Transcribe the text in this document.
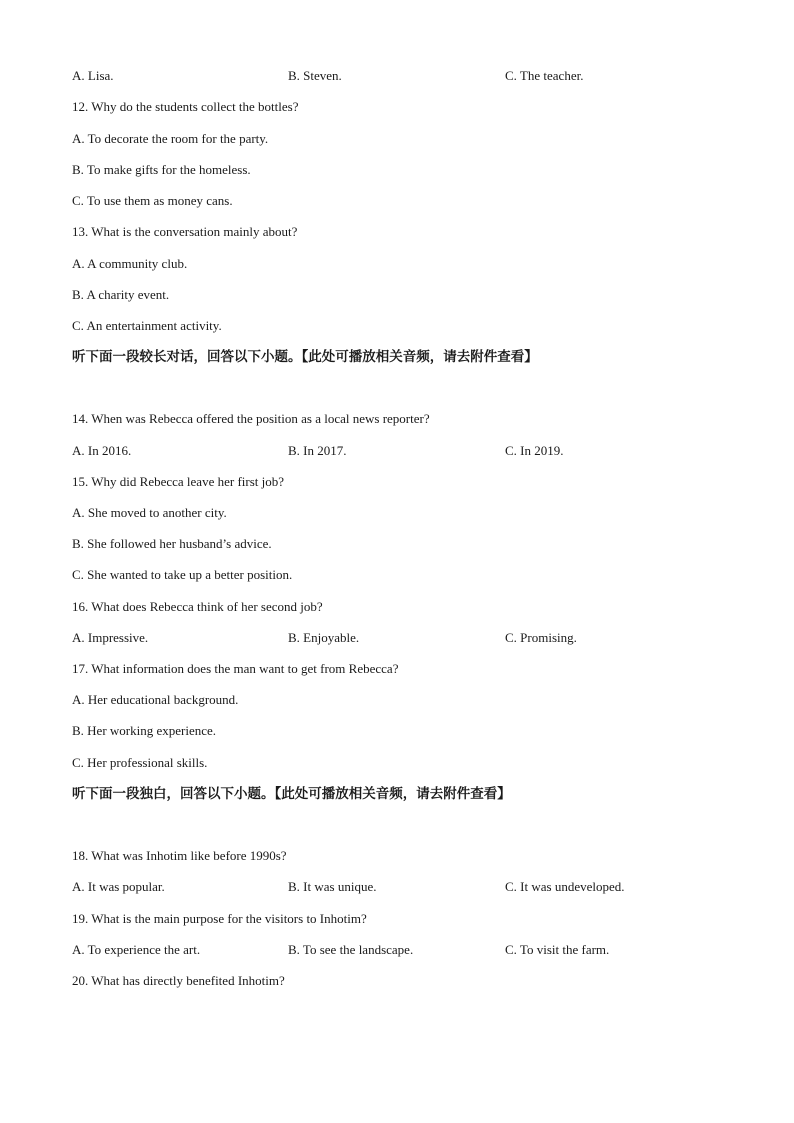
A. Lisa.	B. Steven.	C. The teacher.
12. Why do the students collect the bottles?
A. To decorate the room for the party.
B. To make gifts for the homeless.
C. To use them as money cans.
13. What is the conversation mainly about?
A. A community club.
B. A charity event.
C. An entertainment activity.
听下面一段较长对话，回答以下小题。【此处可播放相关音频，请去附件查看】
14. When was Rebecca offered the position as a local news reporter?
A. In 2016.	B. In 2017.	C. In 2019.
15. Why did Rebecca leave her first job?
A. She moved to another city.
B. She followed her husband’s advice.
C. She wanted to take up a better position.
16. What does Rebecca think of her second job?
A. Impressive.	B. Enjoyable.	C. Promising.
17. What information does the man want to get from Rebecca?
A. Her educational background.
B. Her working experience.
C. Her professional skills.
听下面一段独白，回答以下小题。【此处可播放相关音频，请去附件查看】
18. What was Inhotim like before 1990s?
A. It was popular.	B. It was unique.	C. It was undeveloped.
19. What is the main purpose for the visitors to Inhotim?
A. To experience the art.	B. To see the landscape.	C. To visit the farm.
20. What has directly benefited Inhotim?
